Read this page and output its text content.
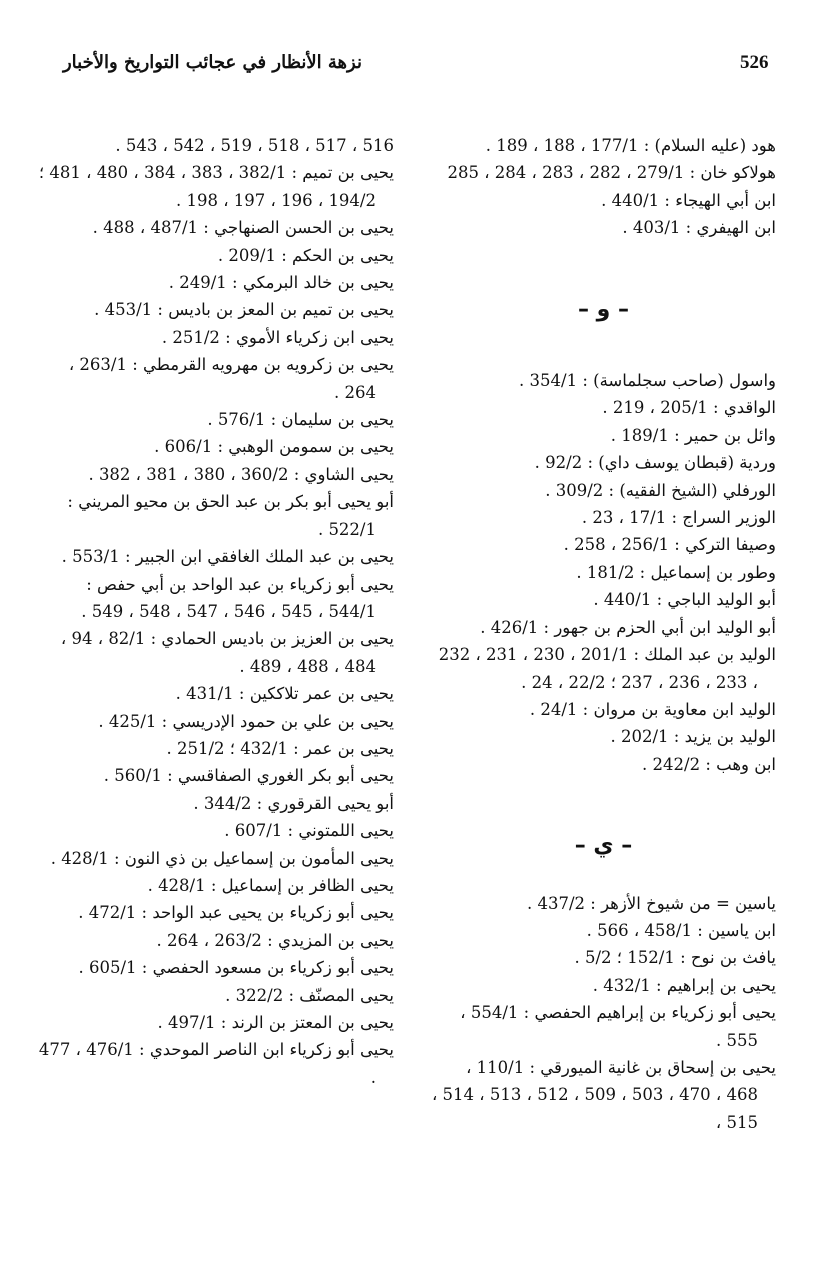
526
نزهة الأنظار في عجائب التواريخ والأخبار
هود (عليه السلام) : 177/1 ، 188 ، 189 .
هولاكو خان : 279/1 ، 282 ، 283 ، 284 ، 285
ابن أبي الهيجاء : 440/1 .
ابن الهيفري : 403/1 .
– و –
واسول (صاحب سجلماسة) : 354/1 .
الواقدي : 205/1 ، 219 .
وائل بن حمير : 189/1 .
وردية (قبطان يوسف داي) : 92/2 .
الورفلي (الشيخ الفقيه) : 309/2 .
الوزير السراج : 17/1 ، 23 .
وصيفا التركي : 256/1 ، 258 .
وطور بن إسماعيل : 181/2 .
أبو الوليد الباجي : 440/1 .
أبو الوليد ابن أبي الحزم بن جهور : 426/1 .
الوليد بن عبد الملك : 201/1 ، 230 ، 231 ، 232 ، 233 ، 236 ، 237 ؛ 22/2 ، 24 .
الوليد ابن معاوية بن مروان : 24/1 .
الوليد بن يزيد : 202/1 .
ابن وهب : 242/2 .
– ي –
ياسين = من شيوخ الأزهر : 437/2 .
ابن ياسين : 458/1 ، 566 .
يافث بن نوح : 152/1 ؛ 5/2 .
يحيى بن إبراهيم : 432/1 .
يحيى أبو زكرياء بن إبراهيم الحفصي : 554/1 ، 555 .
يحيى بن إسحاق بن غانية الميورقي : 110/1 ، 468 ، 470 ، 503 ، 509 ، 512 ، 513 ، 514 ، 515 ،
516 ، 517 ، 518 ، 519 ، 542 ، 543 .
يحيى بن تميم : 382/1 ، 383 ، 384 ، 480 ، 481 ؛ 194/2 ، 196 ، 197 ، 198 .
يحيى بن الحسن الصنهاجي : 487/1 ، 488 .
يحيى بن الحكم : 209/1 .
يحيى بن خالد البرمكي : 249/1 .
يحيى بن تميم بن المعز بن باديس : 453/1 .
يحيى ابن زكرياء الأموي : 251/2 .
يحيى بن زكرويه بن مهرويه القرمطي : 263/1 ، 264 .
يحيى بن سليمان : 576/1 .
يحيى بن سمومن الوهبي : 606/1 .
يحيى الشاوي : 360/2 ، 380 ، 381 ، 382 .
أبو يحيى أبو بكر بن عبد الحق بن محيو المريني : 522/1 .
يحيى بن عبد الملك الغافقي ابن الجبير : 553/1 .
يحيى أبو زكرياء بن عبد الواحد بن أبي حفص : 544/1 ، 545 ، 546 ، 547 ، 548 ، 549 .
يحيى بن العزيز بن باديس الحمادي : 82/1 ، 94 ، 484 ، 488 ، 489 .
يحيى بن عمر تلاككين : 431/1 .
يحيى بن علي بن حمود الإدريسي : 425/1 .
يحيى بن عمر : 432/1 ؛ 251/2 .
يحيى أبو بكر الغوري الصفاقسي : 560/1 .
أبو يحيى القرقوري : 344/2 .
يحيى اللمتوني : 607/1 .
يحيى المأمون بن إسماعيل بن ذي النون : 428/1 .
يحيى الظافر بن إسماعيل : 428/1 .
يحيى أبو زكرياء بن يحيى عبد الواحد : 472/1 .
يحيى بن المزيدي : 263/2 ، 264 .
يحيى أبو زكرياء بن مسعود الحفصي : 605/1 .
يحيى المصنّف : 322/2 .
يحيى بن المعتز بن الرند : 497/1 .
يحيى أبو زكرياء ابن الناصر الموحدي : 476/1 ، 477 .
